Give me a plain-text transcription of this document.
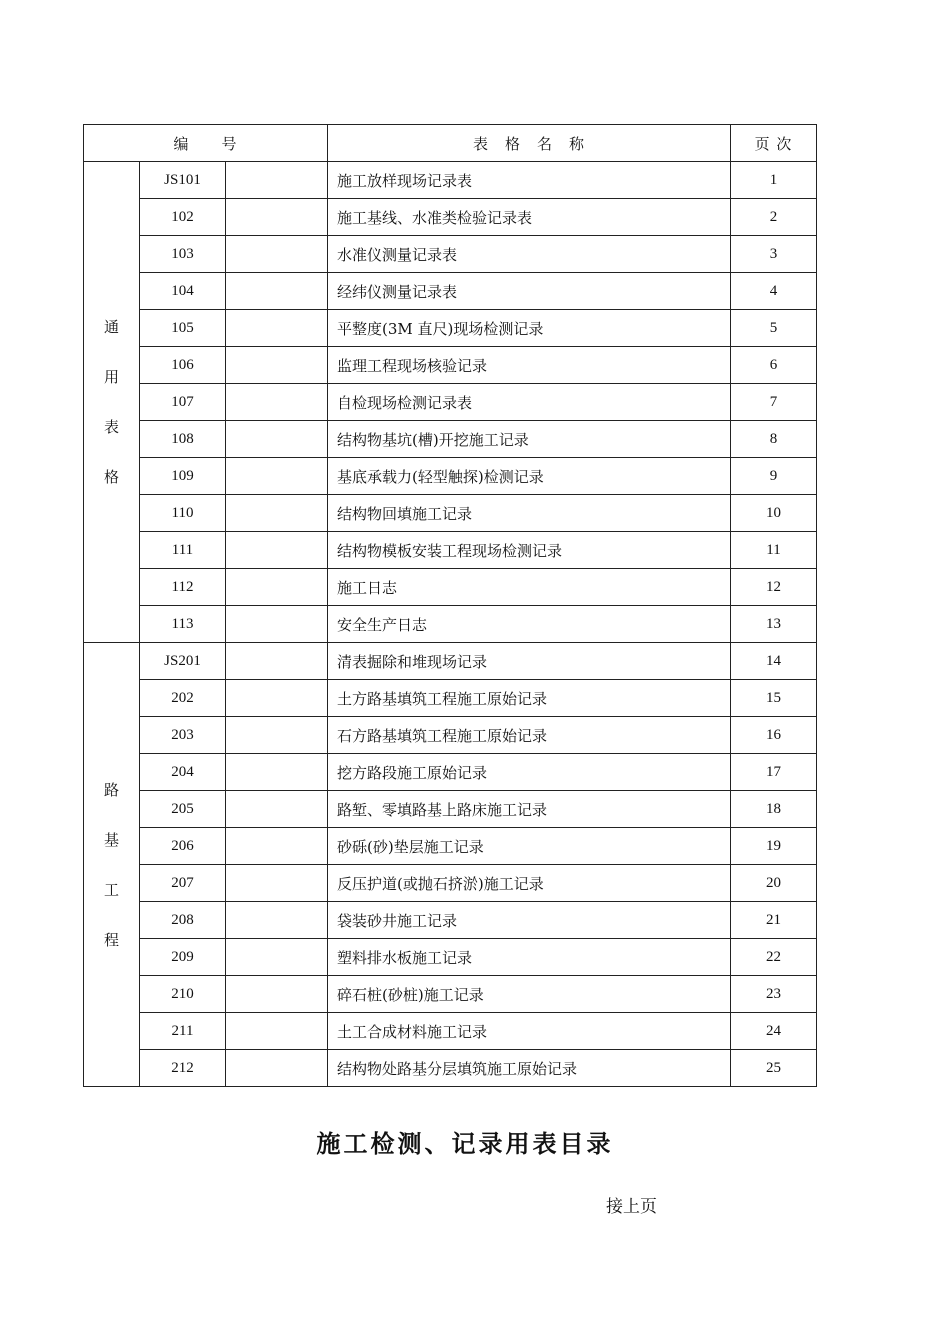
编　　号			表　格　名　称	页 次

通
用
表
格	JS101		施工放样现场记录表	1
	102		施工基线、水准类检验记录表	2
	103		水准仪测量记录表	3
	104		经纬仪测量记录表	4
	105		平整度(3M 直尺)现场检测记录	5
	106		监理工程现场核验记录	6
	107		自检现场检测记录表	7
	108		结构物基坑(槽)开挖施工记录	8
	109		基底承载力(轻型触探)检测记录	9
	110		结构物回填施工记录	10
	111		结构物模板安装工程现场检测记录	11
	112		施工日志	12
	113		安全生产日志	13

路
基
工
程	JS201		清表掘除和堆现场记录	14
	202		土方路基填筑工程施工原始记录	15
	203		石方路基填筑工程施工原始记录	16
	204		挖方路段施工原始记录	17
	205		路堑、零填路基上路床施工记录	18
	206		砂砾(砂)垫层施工记录	19
	207		反压护道(或抛石挤淤)施工记录	20
	208		袋装砂井施工记录	21
	209		塑料排水板施工记录	22
	210		碎石桩(砂桩)施工记录	23
	211		土工合成材料施工记录	24
	212		结构物处路基分层填筑施工原始记录	25
施工检测、记录用表目录
接上页
